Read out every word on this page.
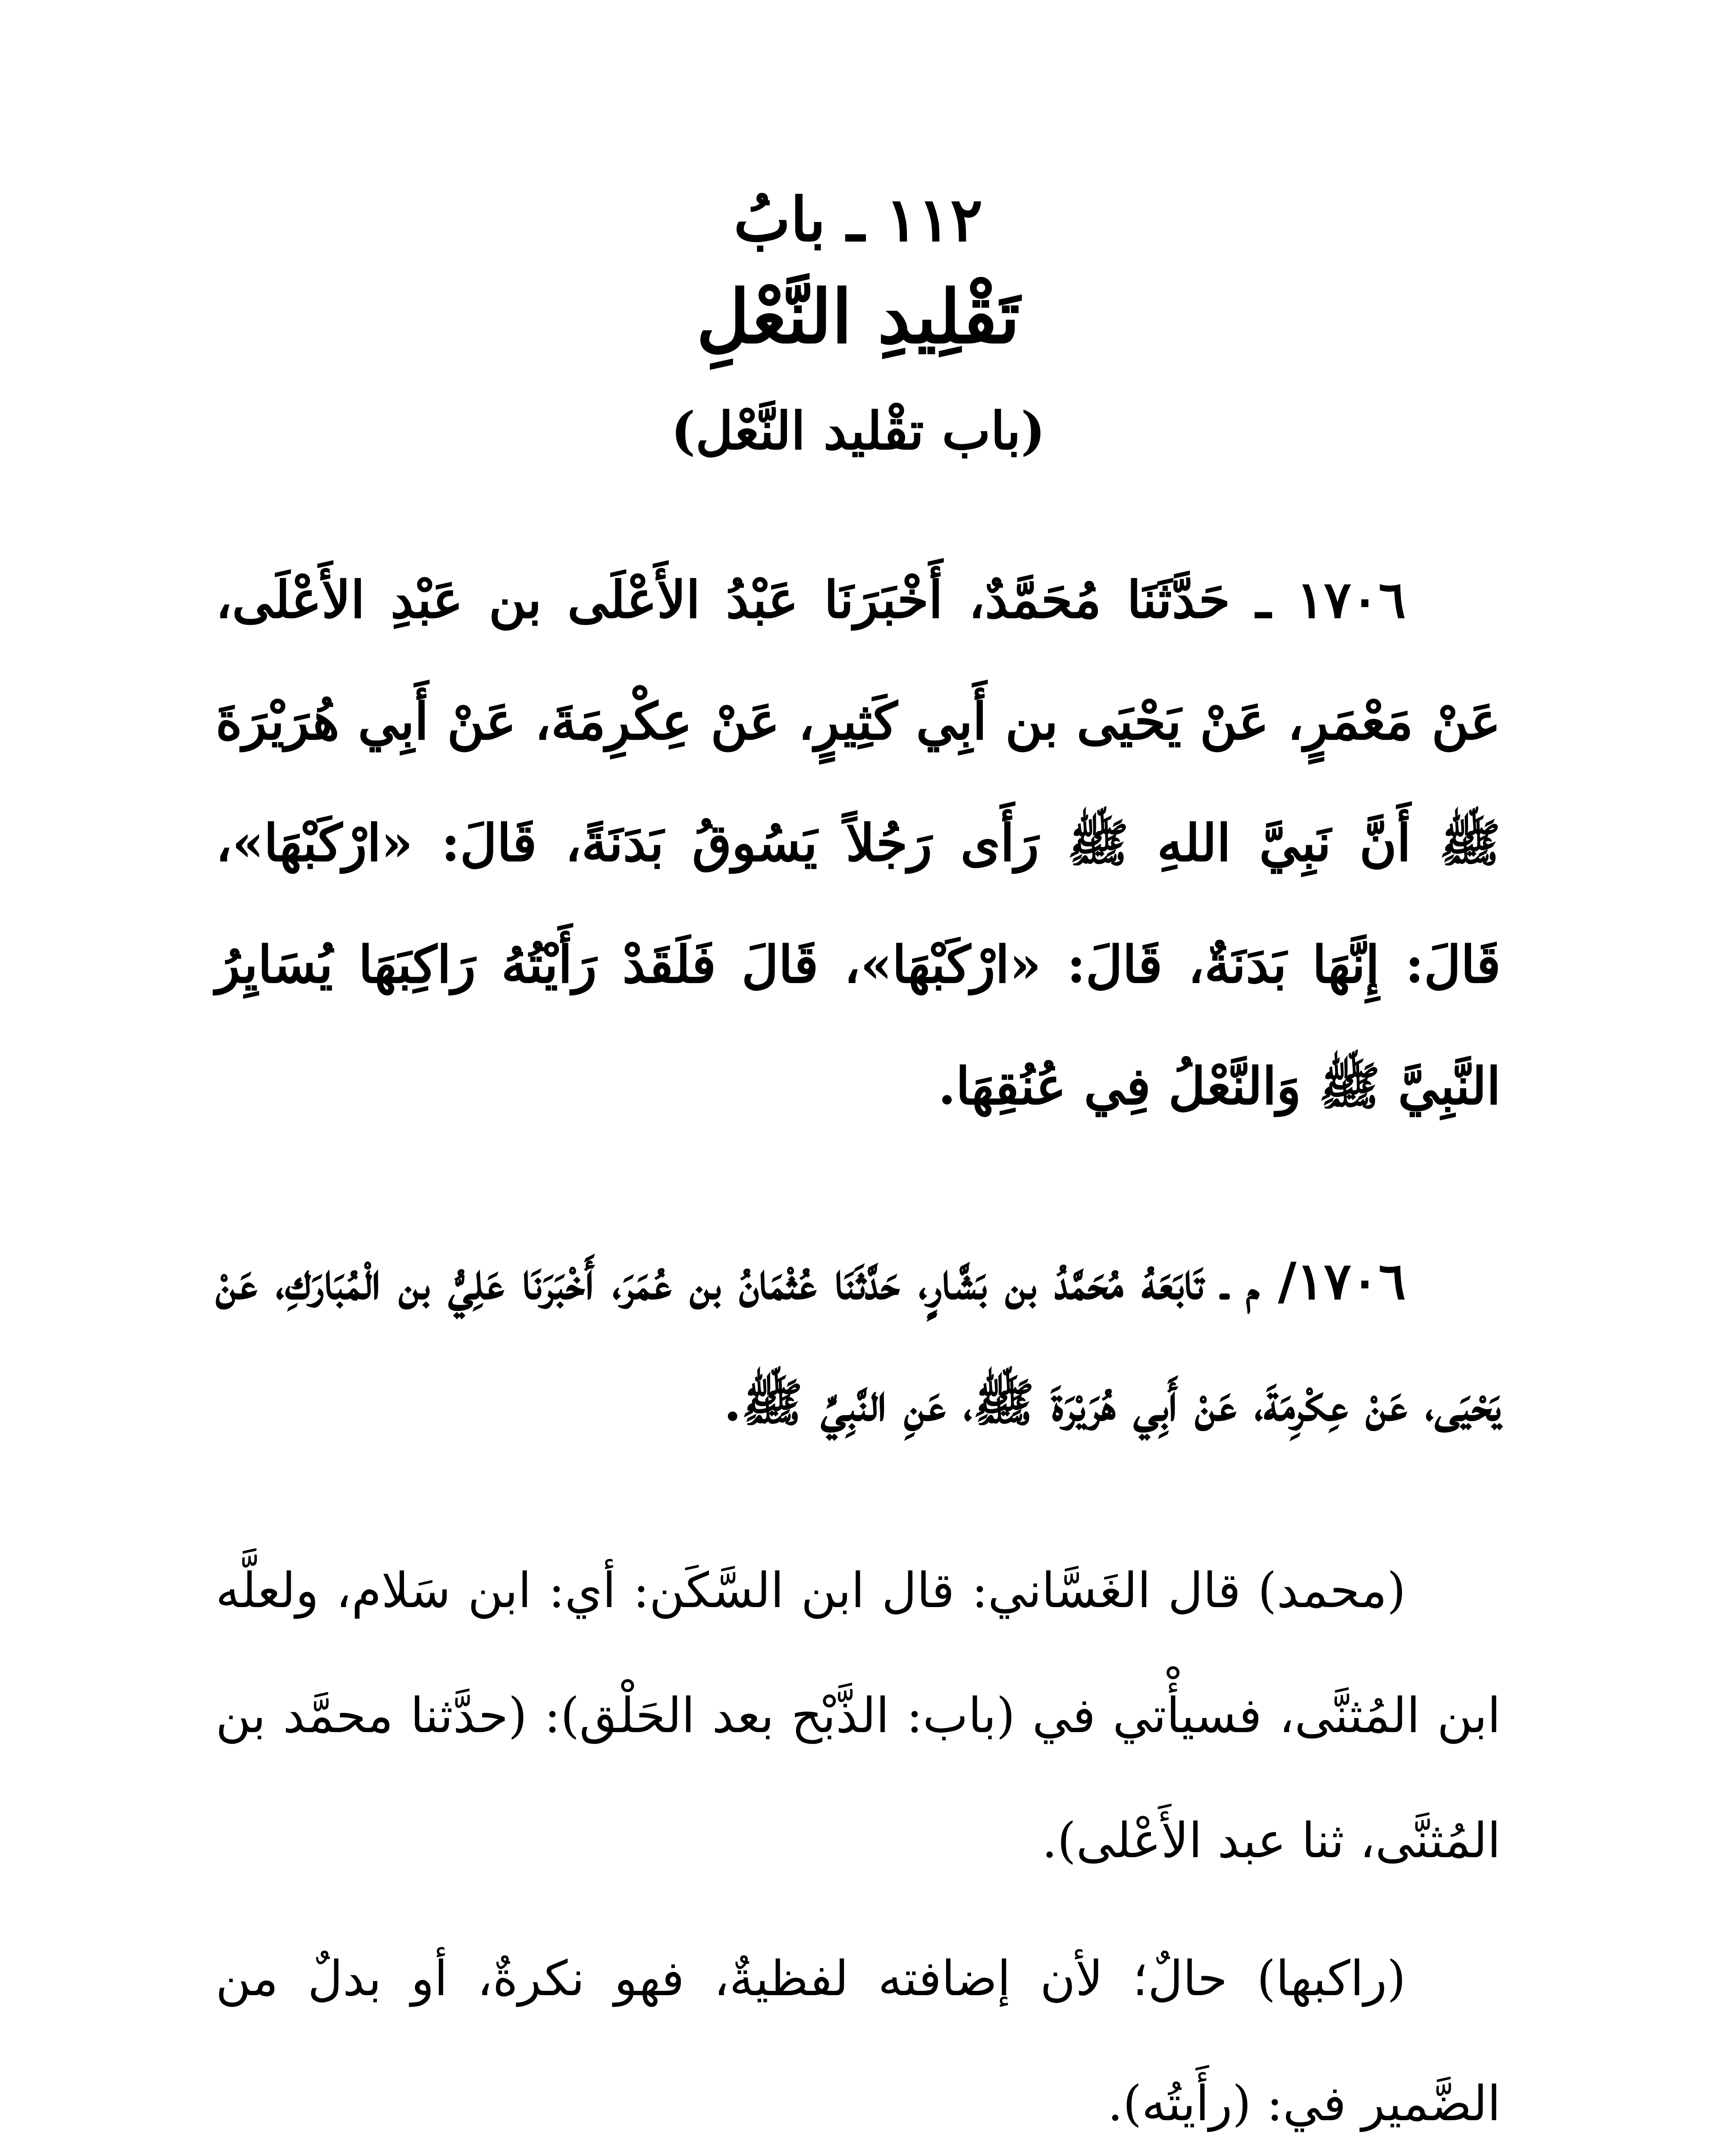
١١٢ ـ بابُ
تَقْلِيدِ النَّعْلِ
(باب تقْليد النَّعْل)

١٧٠٦ ـ حَدَّثَنَا مُحَمَّدٌ، أَخْبَرَنَا عَبْدُ الأَعْلَى بن عَبْدِ الأَعْلَى، عَنْ مَعْمَرٍ، عَنْ يَحْيَى بن أَبِي كَثِيرٍ، عَنْ عِكْرِمَةَ، عَنْ أَبِي هُرَيْرَةَ ﷺ أَنَّ نَبِيَّ اللهِ ﷺ رَأَى رَجُلاً يَسُوقُ بَدَنَةً، قَالَ: «ارْكَبْهَا»، قَالَ: إِنَّهَا بَدَنَةٌ، قَالَ: «ارْكَبْهَا»، قَالَ فَلَقَدْ رَأَيْتُهُ رَاكِبَهَا يُسَايِرُ النَّبِيَّ ﷺ وَالنَّعْلُ فِي عُنُقِهَا.

١٧٠٦/ م ـ تَابَعَهُ مُحَمَّدُ بن بَشَّارٍ، حَدَّثَنَا عُثْمَانُ بن عُمَرَ، أَخْبَرَنَا عَلِيُّ بن الْمُبَارَكِ، عَنْ يَحْيَى، عَنْ عِكْرِمَةَ، عَنْ أَبِي هُرَيْرَةَ ﷺ، عَنِ النَّبِيِّ ﷺ.

(محمد) قال الغَسَّاني: قال ابن السَّكَن: أي: ابن سَلام، ولعلَّه ابن المُثنَّى، فسيأْتي في (باب: الذَّبْح بعد الحَلْق): (حدَّثنا محمَّد بن المُثنَّى، ثنا عبد الأَعْلى).

(راكبها) حالٌ؛ لأن إضافته لفظيةٌ، فهو نكرةٌ، أو بدلٌ من الضَّمير في: (رأَيتُه).
